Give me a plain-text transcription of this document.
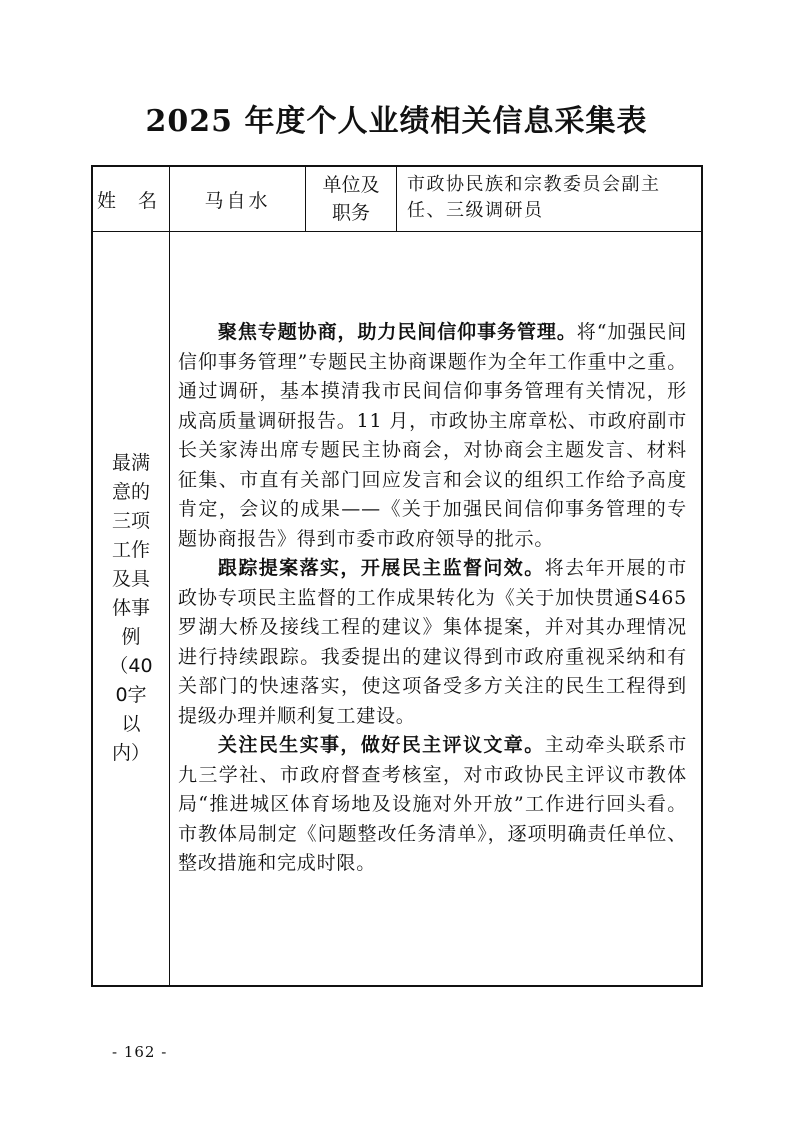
2025 年度个人业绩相关信息采集表
姓 名	马自水
单位及职务
市政协民族和宗教委员会副主任、三级调研员
最满意的三项工作及具体事例（400字以内）

聚焦专题协商，助力民间信仰事务管理。将“加强民间信仰事务管理”专题民主协商课题作为全年工作重中之重。通过调研，基本摸清我市民间信仰事务管理有关情况，形成高质量调研报告。11 月，市政协主席章松、市政府副市长关家涛出席专题民主协商会，对协商会主题发言、材料征集、市直有关部门回应发言和会议的组织工作给予高度肯定，会议的成果——《关于加强民间信仰事务管理的专题协商报告》得到市委市政府领导的批示。

跟踪提案落实，开展民主监督问效。将去年开展的市政协专项民主监督的工作成果转化为《关于加快贯通S465 罗湖大桥及接线工程的建议》集体提案，并对其办理情况进行持续跟踪。我委提出的建议得到市政府重视采纳和有关部门的快速落实，使这项备受多方关注的民生工程得到提级办理并顺利复工建设。

关注民生实事，做好民主评议文章。主动牵头联系市九三学社、市政府督查考核室，对市政协民主评议市教体局“推进城区体育场地及设施对外开放”工作进行回头看。市教体局制定《问题整改任务清单》，逐项明确责任单位、整改措施和完成时限。

- 162 -
